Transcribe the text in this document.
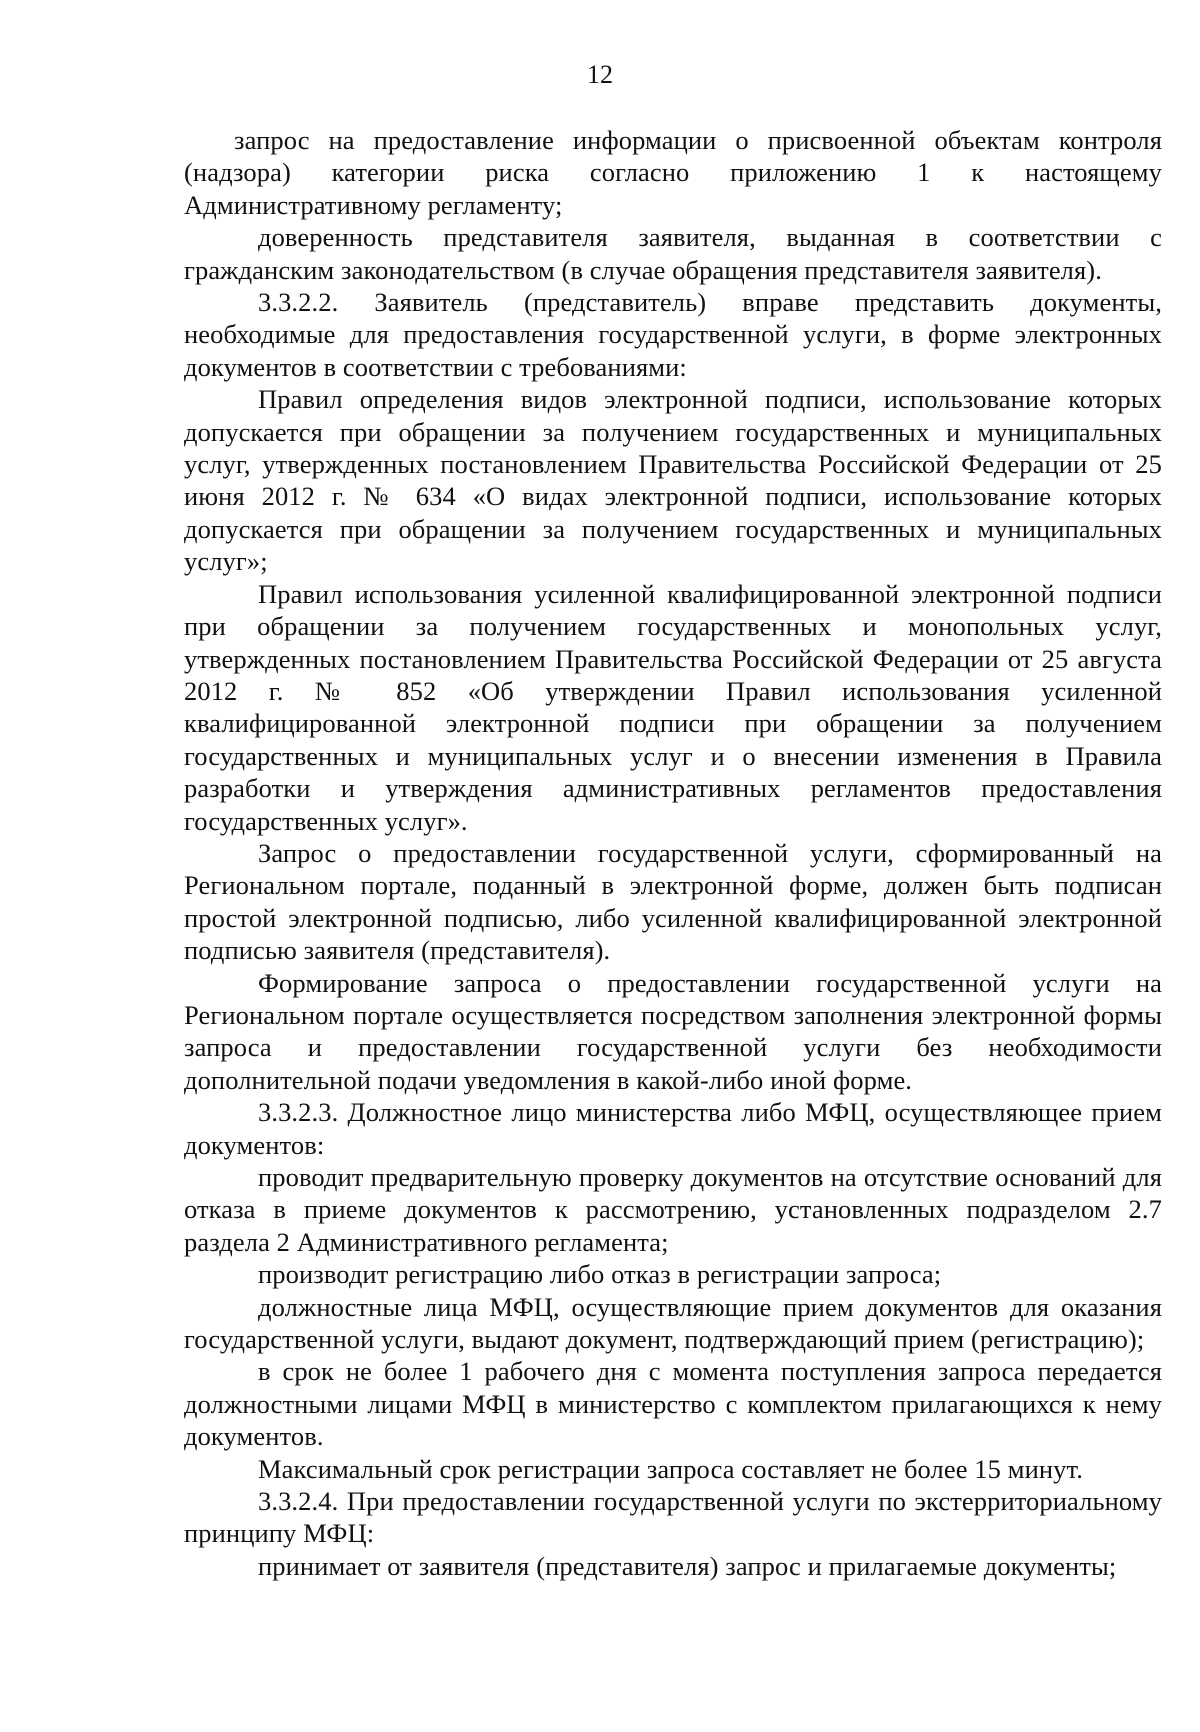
12

запрос на предоставление информации о присвоенной объектам контроля (надзора) категории риска согласно приложению 1 к настоящему Административному регламенту;

доверенность представителя заявителя, выданная в соответствии с гражданским законодательством (в случае обращения представителя заявителя).

3.3.2.2. Заявитель (представитель) вправе представить документы, необходимые для предоставления государственной услуги, в форме электронных документов в соответствии с требованиями:

Правил определения видов электронной подписи, использование которых допускается при обращении за получением государственных и муниципальных услуг, утвержденных постановлением Правительства Российской Федерации от 25 июня 2012 г. № 634 «О видах электронной подписи, использование которых допускается при обращении за получением государственных и муниципальных услуг»;

Правил использования усиленной квалифицированной электронной подписи при обращении за получением государственных и монопольных услуг, утвержденных постановлением Правительства Российской Федерации от 25 августа 2012 г. № 852 «Об утверждении Правил использования усиленной квалифицированной электронной подписи при обращении за получением государственных и муниципальных услуг и о внесении изменения в Правила разработки и утверждения административных регламентов предоставления государственных услуг».

Запрос о предоставлении государственной услуги, сформированный на Региональном портале, поданный в электронной форме, должен быть подписан простой электронной подписью, либо усиленной квалифицированной электронной подписью заявителя (представителя).

Формирование запроса о предоставлении государственной услуги на Региональном портале осуществляется посредством заполнения электронной формы запроса и предоставлении государственной услуги без необходимости дополнительной подачи уведомления в какой-либо иной форме.

3.3.2.3. Должностное лицо министерства либо МФЦ, осуществляющее прием документов:

проводит предварительную проверку документов на отсутствие оснований для отказа в приеме документов к рассмотрению, установленных подразделом 2.7 раздела 2 Административного регламента;

производит регистрацию либо отказ в регистрации запроса;

должностные лица МФЦ, осуществляющие прием документов для оказания государственной услуги, выдают документ, подтверждающий прием (регистрацию);

в срок не более 1 рабочего дня с момента поступления запроса передается должностными лицами МФЦ в министерство с комплектом прилагающихся к нему документов.

Максимальный срок регистрации запроса составляет не более 15 минут.

3.3.2.4. При предоставлении государственной услуги по экстерриториальному принципу МФЦ:

принимает от заявителя (представителя) запрос и прилагаемые документы;
